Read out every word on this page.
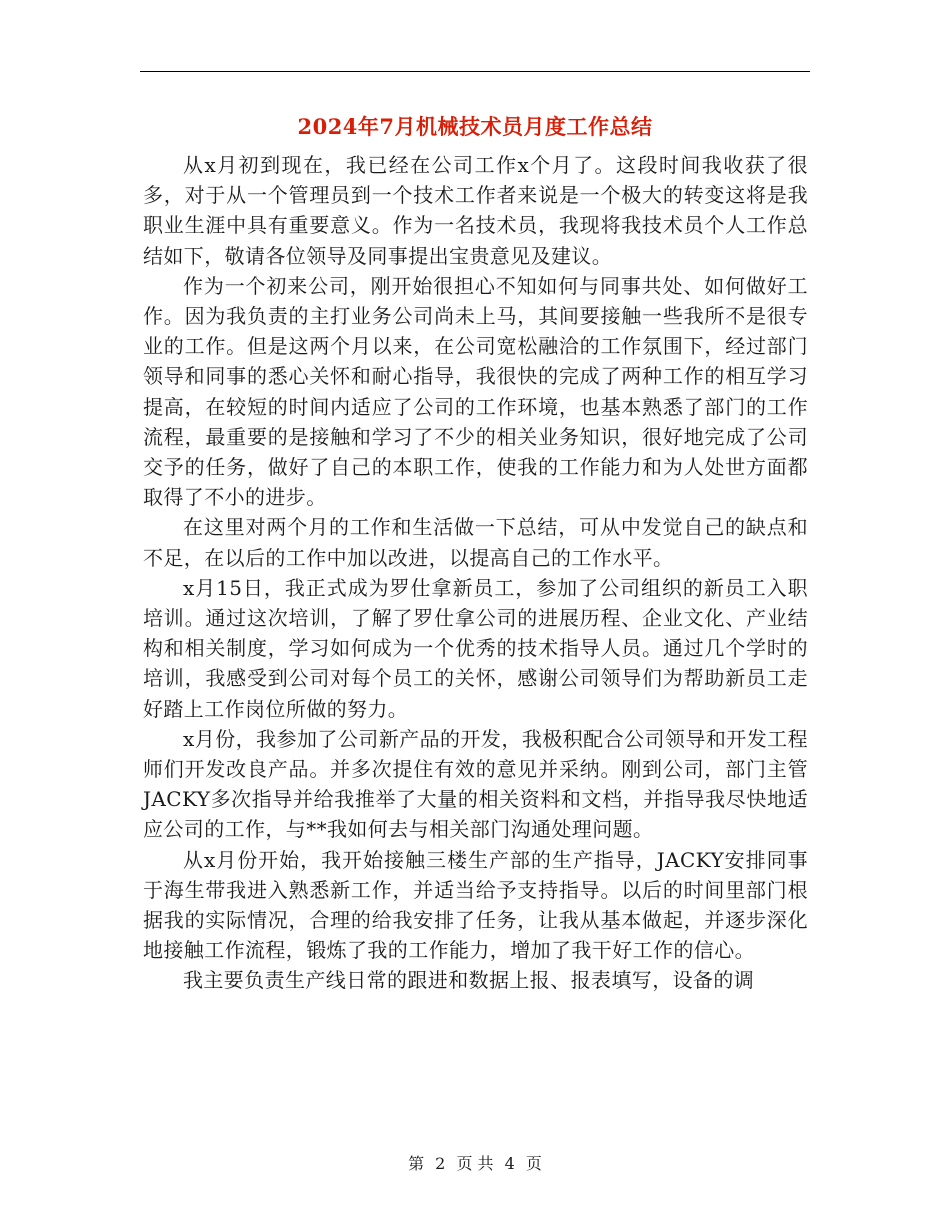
2024年7月机械技术员月度工作总结

从x月初到现在，我已经在公司工作x个月了。这段时间我收获了很多，对于从一个管理员到一个技术工作者来说是一个极大的转变这将是我职业生涯中具有重要意义。作为一名技术员，我现将我技术员个人工作总结如下，敬请各位领导及同事提出宝贵意见及建议。

作为一个初来公司，刚开始很担心不知如何与同事共处、如何做好工作。因为我负责的主打业务公司尚未上马，其间要接触一些我所不是很专业的工作。但是这两个月以来，在公司宽松融洽的工作氛围下，经过部门领导和同事的悉心关怀和耐心指导，我很快的完成了两种工作的相互学习提高，在较短的时间内适应了公司的工作环境，也基本熟悉了部门的工作流程，最重要的是接触和学习了不少的相关业务知识，很好地完成了公司交予的任务，做好了自己的本职工作，使我的工作能力和为人处世方面都取得了不小的进步。

在这里对两个月的工作和生活做一下总结，可从中发觉自己的缺点和不足，在以后的工作中加以改进，以提高自己的工作水平。

x月15日，我正式成为罗仕拿新员工，参加了公司组织的新员工入职培训。通过这次培训，了解了罗仕拿公司的进展历程、企业文化、产业结构和相关制度，学习如何成为一个优秀的技术指导人员。通过几个学时的培训，我感受到公司对每个员工的关怀，感谢公司领导们为帮助新员工走好踏上工作岗位所做的努力。

x月份，我参加了公司新产品的开发，我极积配合公司领导和开发工程师们开发改良产品。并多次提住有效的意见并采纳。刚到公司，部门主管JACKY多次指导并给我推举了大量的相关资料和文档，并指导我尽快地适应公司的工作，与**我如何去与相关部门沟通处理问题。

从x月份开始，我开始接触三楼生产部的生产指导，JACKY安排同事于海生带我进入熟悉新工作，并适当给予支持指导。以后的时间里部门根据我的实际情况，合理的给我安排了任务，让我从基本做起，并逐步深化地接触工作流程，锻炼了我的工作能力，增加了我干好工作的信心。

我主要负责生产线日常的跟进和数据上报、报表填写，设备的调

第 2 页 共 4 页
